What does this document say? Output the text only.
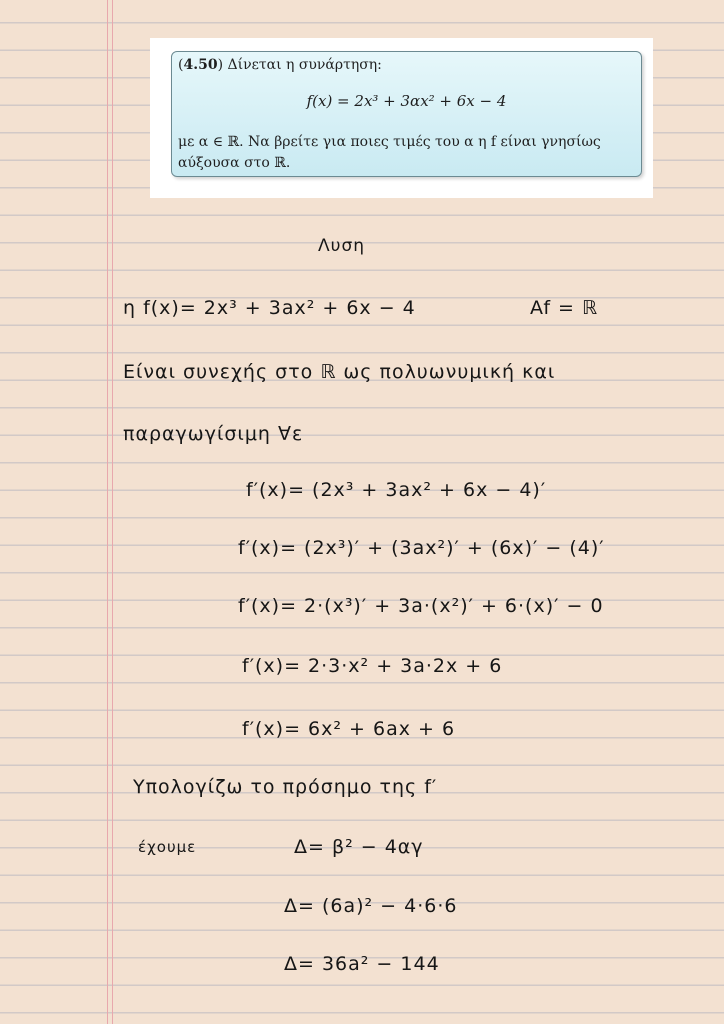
(4.50) Δίνεται η συνάρτηση:
f(x) = 2x³ + 3αx² + 6x − 4
με α ∈ ℝ. Να βρείτε για ποιες τιμές του α η f είναι γνησίως αύξουσα στο ℝ.
Λυση
η f(x)= 2x³ + 3ax² + 6x − 4	Af = ℝ
Είναι συνεχής στο ℝ ως πολυωνυμική και
παραγωγίσιμη ∀ε
f′(x)= (2x³ + 3ax² + 6x − 4)′
f′(x)= (2x³)′ + (3ax²)′ + (6x)′ − (4)′
f′(x)= 2·(x³)′ + 3a·(x²)′ + 6·(x)′ − 0
f′(x)= 2·3·x² + 3a·2x + 6
f′(x)= 6x² + 6ax + 6
Υπολογίζω το πρόσημο της f′
έχουμε	Δ= β² − 4αγ
Δ= (6a)² − 4·6·6
Δ= 36a² − 144
